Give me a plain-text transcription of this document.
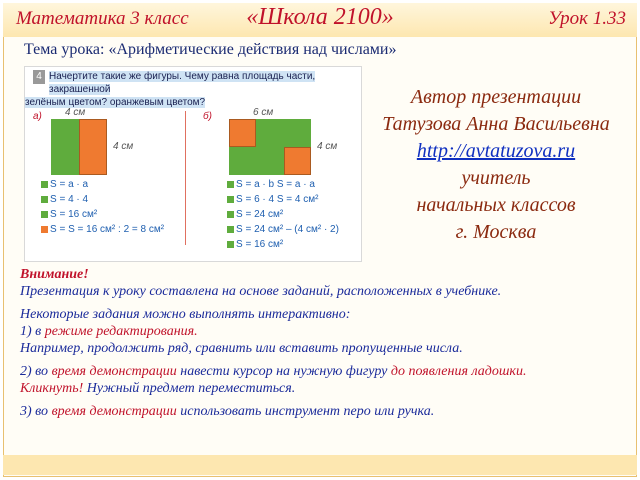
Математика 3 класс	«Школа 2100»	Урок 1.33
Тема урока: «Арифметические действия над числами»
4 Начертите такие же фигуры. Чему равна площадь части, закрашенной
зелёным цветом? оранжевым цветом?
а) 4 см
4 см
б)	6 см
4 см
S = a · a
S = 4 · 4
S = 16 см²
S = S = 16 см² : 2 = 8 см²
S = a · b S = a · a
S = 6 · 4 S = 4 см²
S = 24 см²
S = 24 см² – (4 см² · 2)
S = 16 см²
Автор презентации
Татузова Анна Васильевна
http://avtatuzova.ru
учитель
начальных классов
г. Москва

Внимание!

Презентация к уроку составлена на основе заданий, расположенных в учебнике.

Некоторые задания можно выполнять интерактивно:

1) в режиме редактирования.

Например, продолжить ряд, сравнить или вставить пропущенные числа.

2) во время демонстрации навести курсор на нужную фигуру до появления ладошки.

Кликнуть! Нужный предмет переместиться.

3) во время демонстрации использовать инструмент перо или ручка.
